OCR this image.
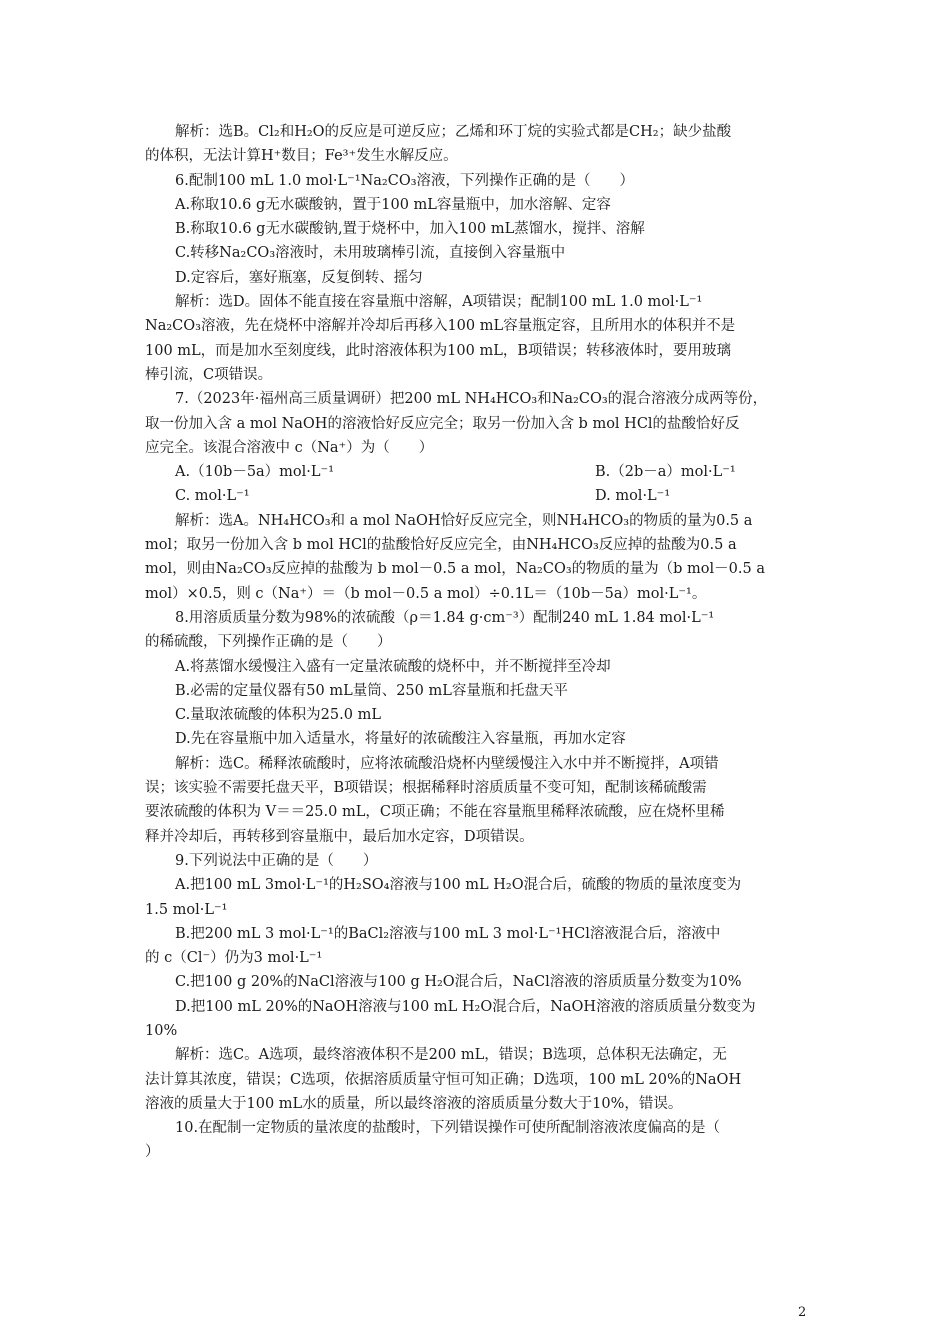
解析：选B。Cl₂和H₂O的反应是可逆反应；乙烯和环丁烷的实验式都是CH₂；缺少盐酸

的体积，无法计算H⁺数目；Fe³⁺发生水解反应。

6.配制100 mL 1.0 mol·L⁻¹Na₂CO₃溶液，下列操作正确的是（　　）

A.称取10.6 g无水碳酸钠，置于100 mL容量瓶中，加水溶解、定容

B.称取10.6 g无水碳酸钠,置于烧杯中，加入100 mL蒸馏水，搅拌、溶解

C.转移Na₂CO₃溶液时，未用玻璃棒引流，直接倒入容量瓶中

D.定容后，塞好瓶塞，反复倒转、摇匀

解析：选D。固体不能直接在容量瓶中溶解，A项错误；配制100 mL 1.0 mol·L⁻¹

Na₂CO₃溶液，先在烧杯中溶解并冷却后再移入100 mL容量瓶定容，且所用水的体积并不是

100 mL，而是加水至刻度线，此时溶液体积为100 mL，B项错误；转移液体时，要用玻璃

棒引流，C项错误。

7.（2023年·福州高三质量调研）把200 mL NH₄HCO₃和Na₂CO₃的混合溶液分成两等份，

取一份加入含 a mol NaOH的溶液恰好反应完全；取另一份加入含 b mol HCl的盐酸恰好反

应完全。该混合溶液中 c（Na⁺）为（　　）

A.（10b－5a）mol·L⁻¹	B.（2b－a）mol·L⁻¹
C. mol·L⁻¹	D. mol·L⁻¹

解析：选A。NH₄HCO₃和 a mol NaOH恰好反应完全，则NH₄HCO₃的物质的量为0.5 a

mol；取另一份加入含 b mol HCl的盐酸恰好反应完全，由NH₄HCO₃反应掉的盐酸为0.5 a

mol，则由Na₂CO₃反应掉的盐酸为 b mol－0.5 a mol，Na₂CO₃的物质的量为（b mol－0.5 a

mol）×0.5，则 c（Na⁺）＝（b mol－0.5 a mol）÷0.1L＝（10b－5a）mol·L⁻¹。

8.用溶质质量分数为98%的浓硫酸（ρ＝1.84 g·cm⁻³）配制240 mL 1.84 mol·L⁻¹

的稀硫酸，下列操作正确的是（　　）

A.将蒸馏水缓慢注入盛有一定量浓硫酸的烧杯中，并不断搅拌至冷却

B.必需的定量仪器有50 mL量筒、250 mL容量瓶和托盘天平

C.量取浓硫酸的体积为25.0 mL

D.先在容量瓶中加入适量水，将量好的浓硫酸注入容量瓶，再加水定容

解析：选C。稀释浓硫酸时，应将浓硫酸沿烧杯内壁缓慢注入水中并不断搅拌，A项错

误；该实验不需要托盘天平，B项错误；根据稀释时溶质质量不变可知，配制该稀硫酸需

要浓硫酸的体积为 V＝＝25.0 mL，C项正确；不能在容量瓶里稀释浓硫酸，应在烧杯里稀

释并冷却后，再转移到容量瓶中，最后加水定容，D项错误。

9.下列说法中正确的是（　　）

A.把100 mL 3mol·L⁻¹的H₂SO₄溶液与100 mL H₂O混合后，硫酸的物质的量浓度变为

1.5 mol·L⁻¹

B.把200 mL 3 mol·L⁻¹的BaCl₂溶液与100 mL 3 mol·L⁻¹HCl溶液混合后，溶液中

的 c（Cl⁻）仍为3 mol·L⁻¹

C.把100 g 20%的NaCl溶液与100 g H₂O混合后，NaCl溶液的溶质质量分数变为10%

D.把100 mL 20%的NaOH溶液与100 mL H₂O混合后，NaOH溶液的溶质质量分数变为

10%

解析：选C。A选项，最终溶液体积不是200 mL，错误；B选项，总体积无法确定，无

法计算其浓度，错误；C选项，依据溶质质量守恒可知正确；D选项，100 mL 20%的NaOH

溶液的质量大于100 mL水的质量，所以最终溶液的溶质质量分数大于10%，错误。

10.在配制一定物质的量浓度的盐酸时，下列错误操作可使所配制溶液浓度偏高的是（

）

2
